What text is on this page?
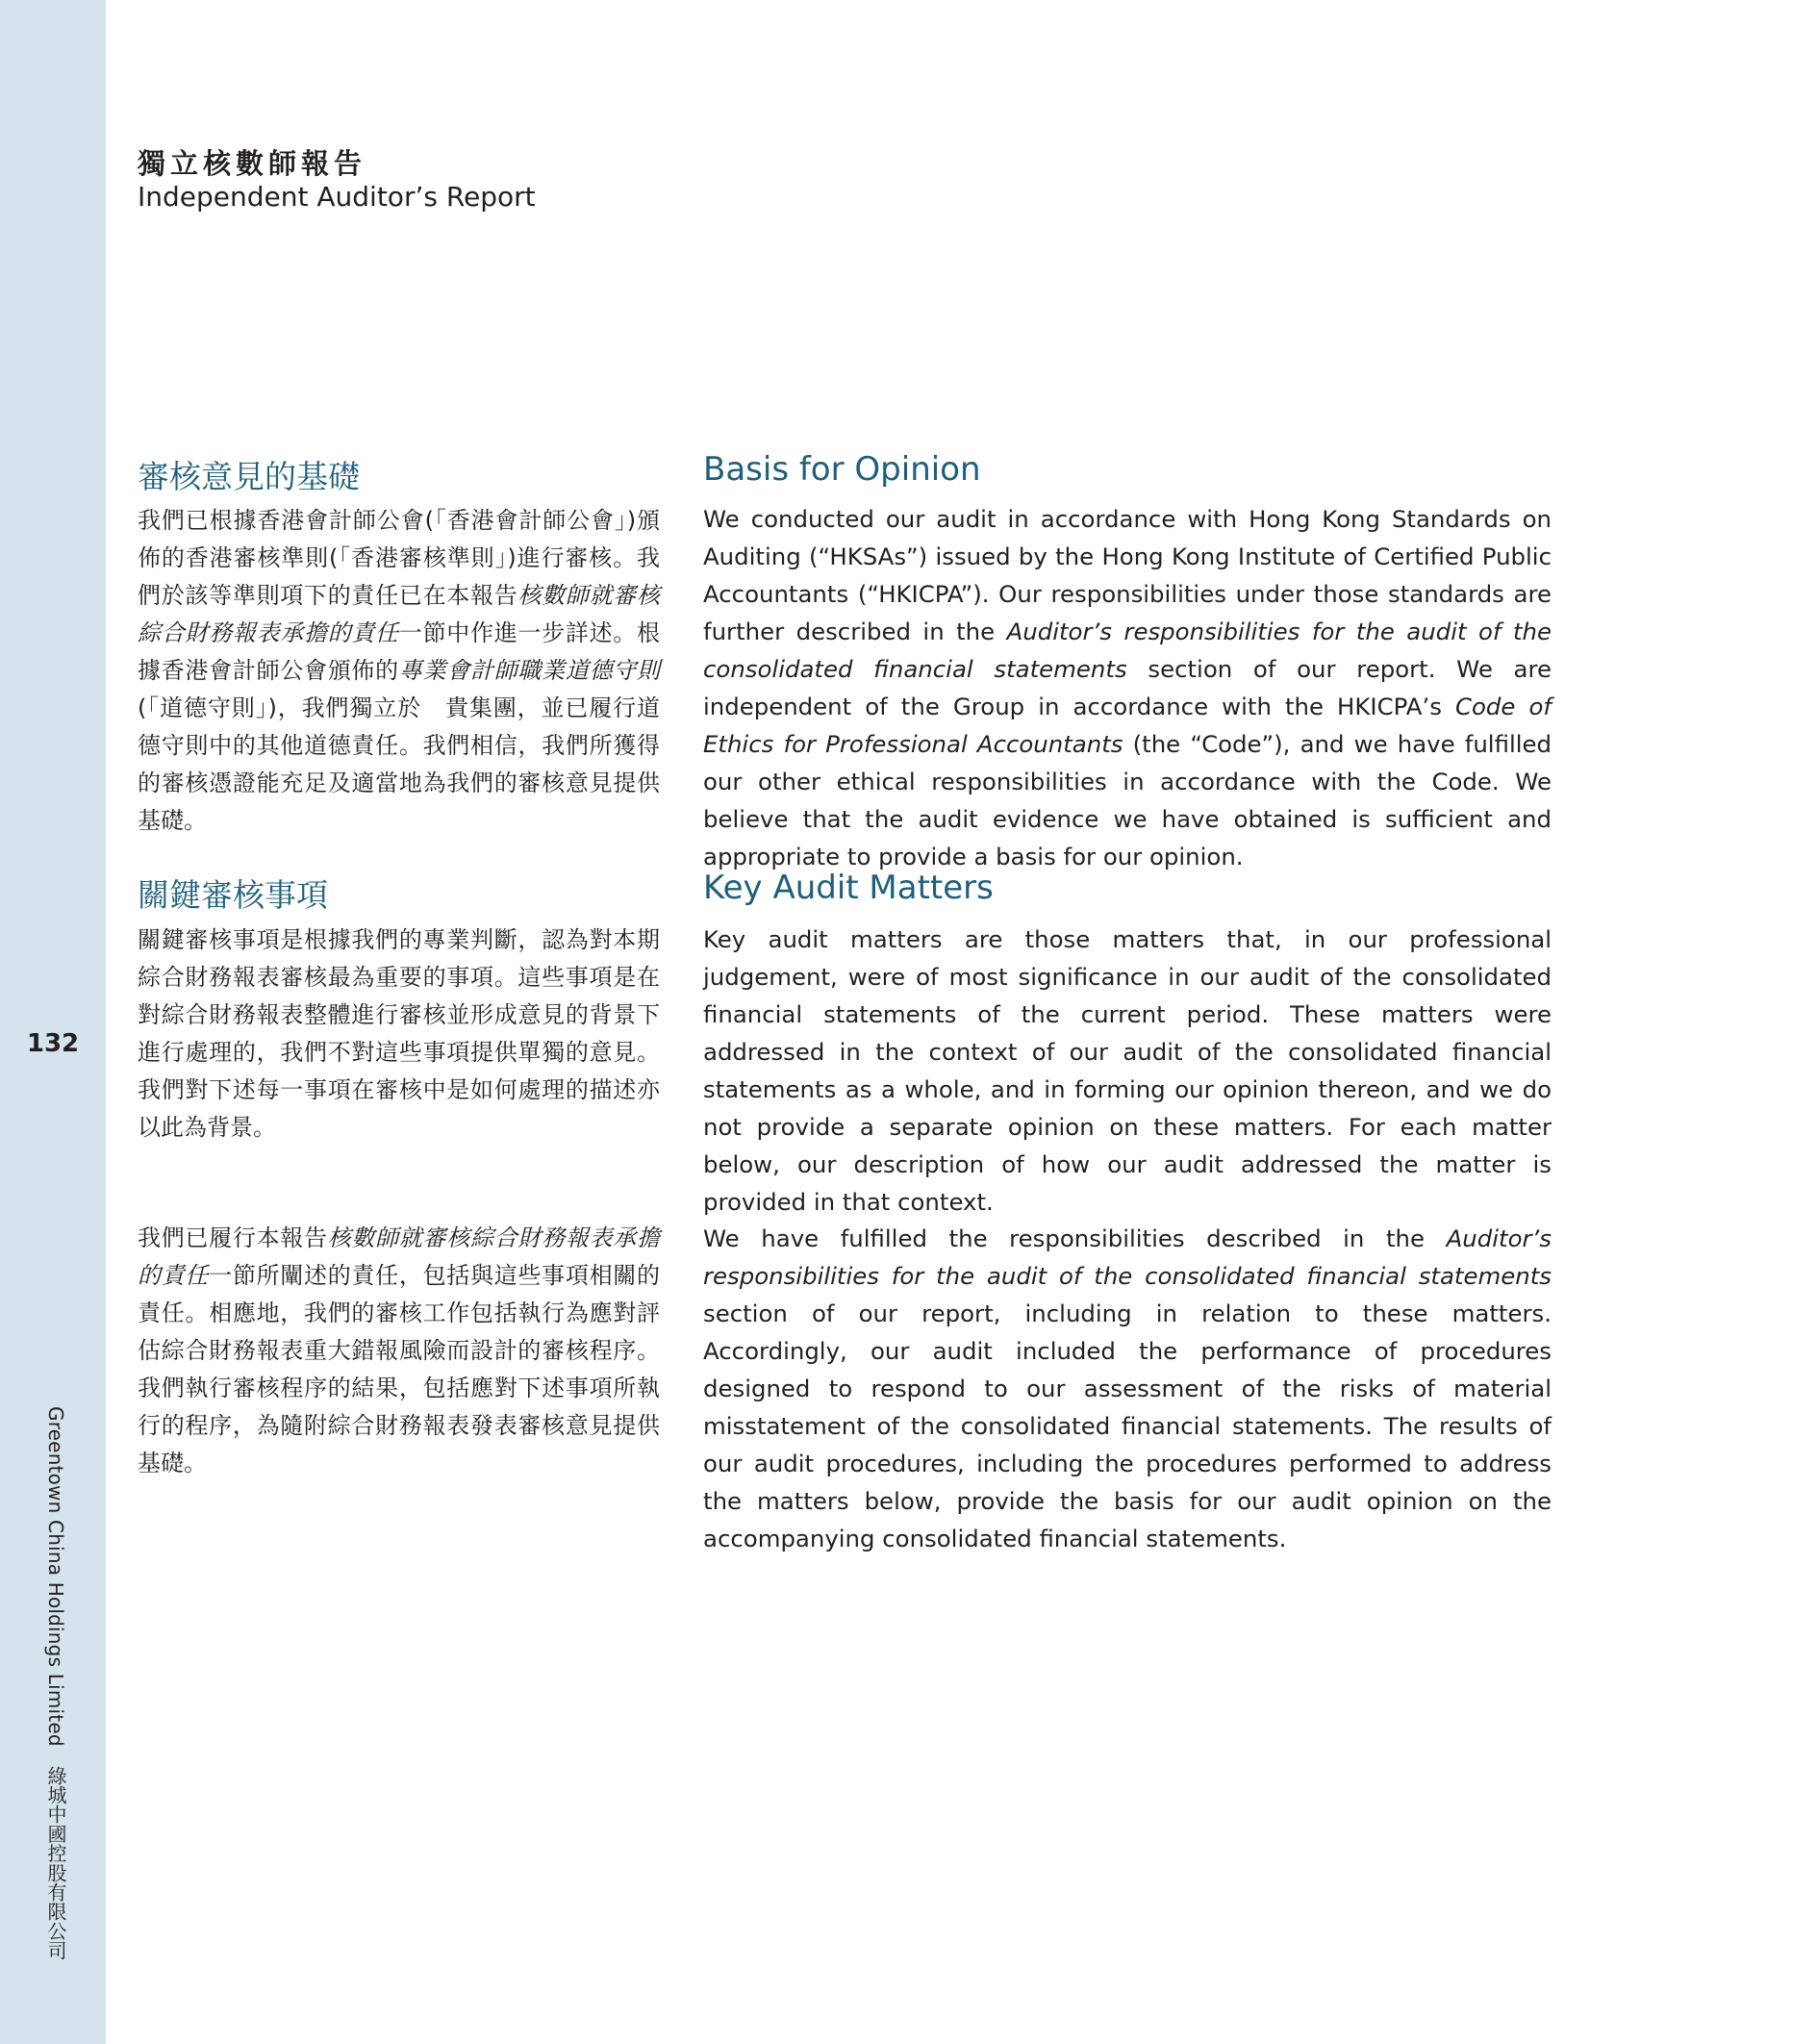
132
Greentown China Holdings Limited綠城中國控股有限公司
獨立核數師報告
Independent Auditor’s Report
審核意見的基礎	Basis for Opinion

我們已根據香港會計師公會(「香港會計師公會」)頒佈的香港審核準則(「香港審核準則」)進行審核。我們於該等準則項下的責任已在本報告核數師就審核綜合財務報表承擔的責任一節中作進一步詳述。根據香港會計師公會頒佈的專業會計師職業道德守則(「道德守則」)，我們獨立於　貴集團，並已履行道德守則中的其他道德責任。我們相信，我們所獲得的審核憑證能充足及適當地為我們的審核意見提供基礎。

We conducted our audit in accordance with Hong Kong Standards on Auditing (“HKSAs”) issued by the Hong Kong Institute of Certified Public Accountants (“HKICPA”). Our responsibilities under those standards are further described in the Auditor’s responsibilities for the audit of the consolidated financial statements section of our report. We are independent of the Group in accordance with the HKICPA’s Code of Ethics for Professional Accountants (the “Code”), and we have fulfilled our other ethical responsibilities in accordance with the Code. We believe that the audit evidence we have obtained is sufficient and appropriate to provide a basis for our opinion.

關鍵審核事項	Key Audit Matters

關鍵審核事項是根據我們的專業判斷，認為對本期綜合財務報表審核最為重要的事項。這些事項是在對綜合財務報表整體進行審核並形成意見的背景下進行處理的，我們不對這些事項提供單獨的意見。我們對下述每一事項在審核中是如何處理的描述亦以此為背景。

Key audit matters are those matters that, in our professional judgement, were of most significance in our audit of the consolidated financial statements of the current period. These matters were addressed in the context of our audit of the consolidated financial statements as a whole, and in forming our opinion thereon, and we do not provide a separate opinion on these matters. For each matter below, our description of how our audit addressed the matter is provided in that context.

我們已履行本報告核數師就審核綜合財務報表承擔的責任一節所闡述的責任，包括與這些事項相關的責任。相應地，我們的審核工作包括執行為應對評估綜合財務報表重大錯報風險而設計的審核程序。我們執行審核程序的結果，包括應對下述事項所執行的程序，為隨附綜合財務報表發表審核意見提供基礎。

We have fulfilled the responsibilities described in the Auditor’s responsibilities for the audit of the consolidated financial statements section of our report, including in relation to these matters. Accordingly, our audit included the performance of procedures designed to respond to our assessment of the risks of material misstatement of the consolidated financial statements. The results of our audit procedures, including the procedures performed to address the matters below, provide the basis for our audit opinion on the accompanying consolidated financial statements.
